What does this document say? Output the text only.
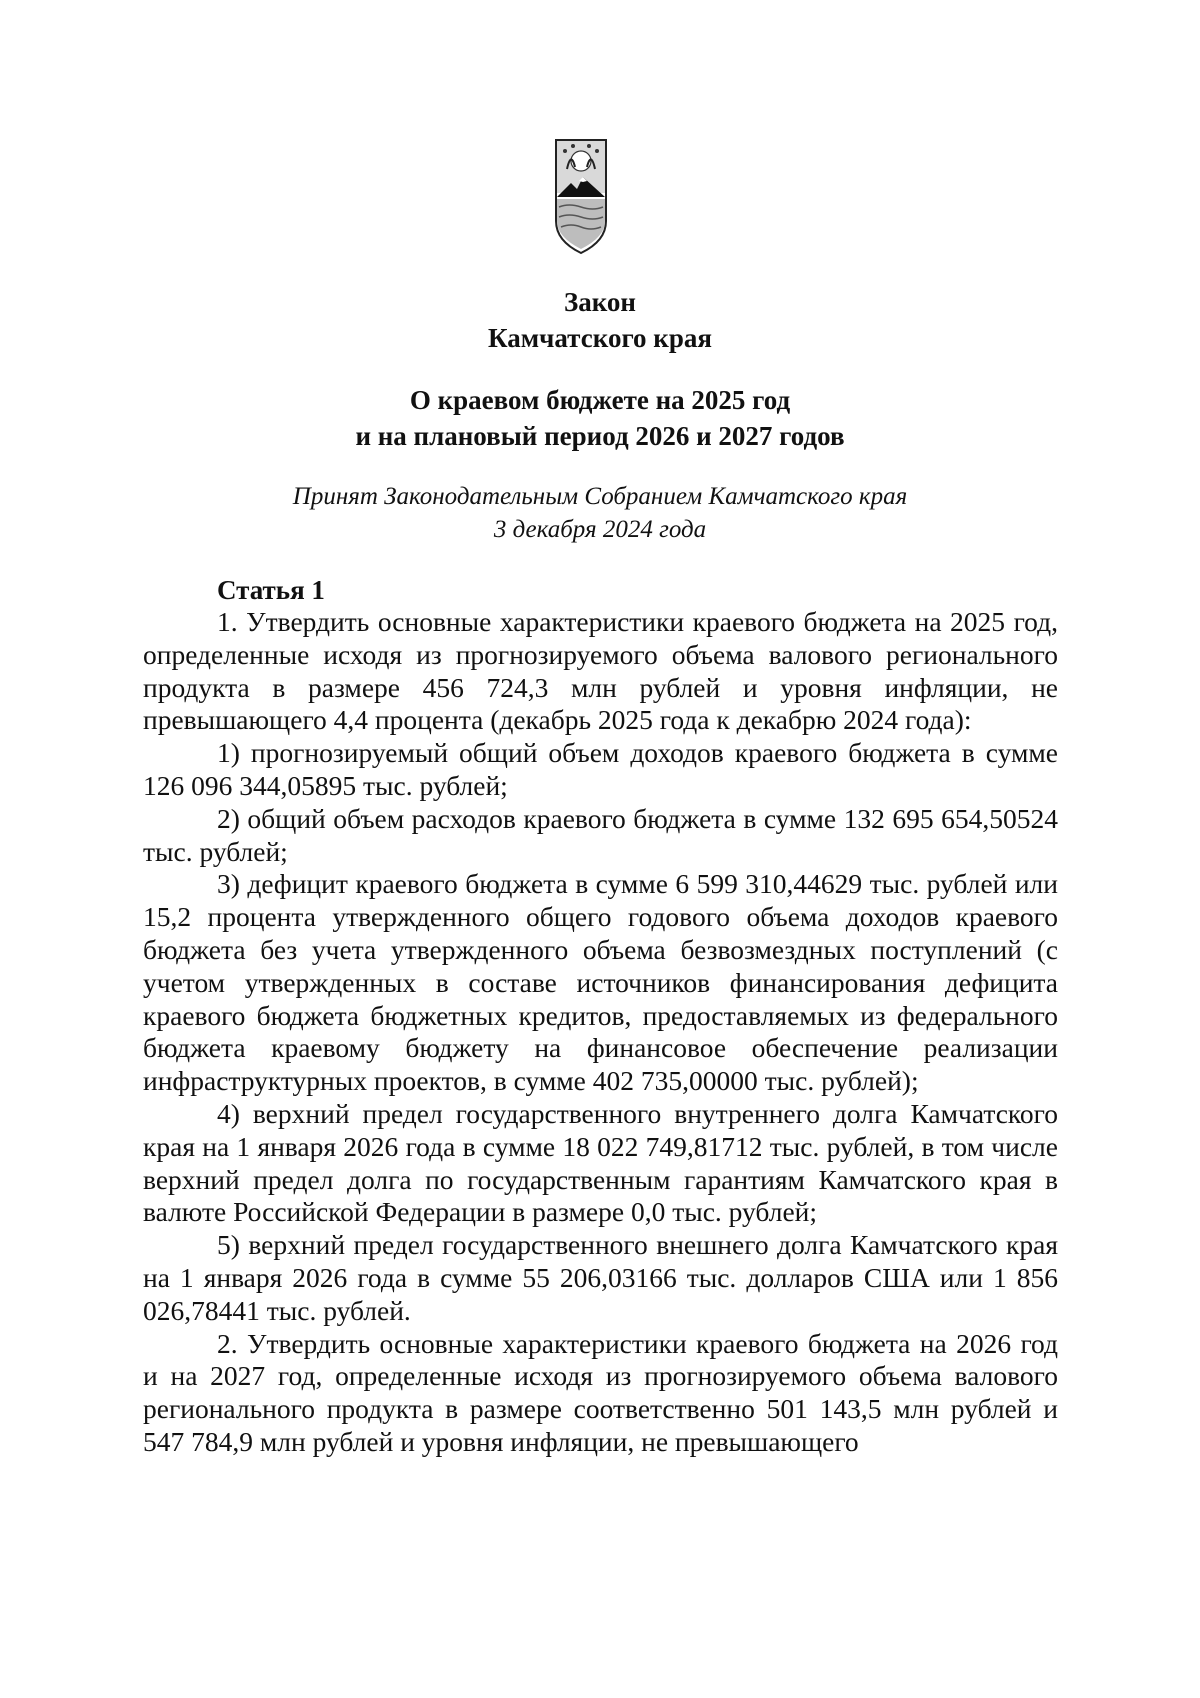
Закон
Камчатского края
О краевом бюджете на 2025 год
и на плановый период 2026 и 2027 годов
Принят Законодательным Собранием Камчатского края
3 декабря 2024 года
Статья 1

1. Утвердить основные характеристики краевого бюджета на 2025 год, определенные исходя из прогнозируемого объема валового регионального продукта в размере 456 724,3 млн рублей и уровня инфляции, не превышающего 4,4 процента (декабрь 2025 года к декабрю 2024 года):

1) прогнозируемый общий объем доходов краевого бюджета в сумме 126 096 344,05895 тыс. рублей;

2) общий объем расходов краевого бюджета в сумме 132 695 654,50524 тыс. рублей;

3) дефицит краевого бюджета в сумме 6 599 310,44629 тыс. рублей или 15,2 процента утвержденного общего годового объема доходов краевого бюджета без учета утвержденного объема безвозмездных поступлений (с учетом утвержденных в составе источников финансирования дефицита краевого бюджета бюджетных кредитов, предоставляемых из федерального бюджета краевому бюджету на финансовое обеспечение реализации инфраструктурных проектов, в сумме 402 735,00000 тыс. рублей);

4) верхний предел государственного внутреннего долга Камчатского края на 1 января 2026 года в сумме 18 022 749,81712 тыс. рублей, в том числе верхний предел долга по государственным гарантиям Камчатского края в валюте Российской Федерации в размере 0,0 тыс. рублей;

5) верхний предел государственного внешнего долга Камчатского края на 1 января 2026 года в сумме 55 206,03166 тыс. долларов США или 1 856 026,78441 тыс. рублей.

2. Утвердить основные характеристики краевого бюджета на 2026 год и на 2027 год, определенные исходя из прогнозируемого объема валового регионального продукта в размере соответственно 501 143,5 млн рублей и 547 784,9 млн рублей и уровня инфляции, не превышающего
